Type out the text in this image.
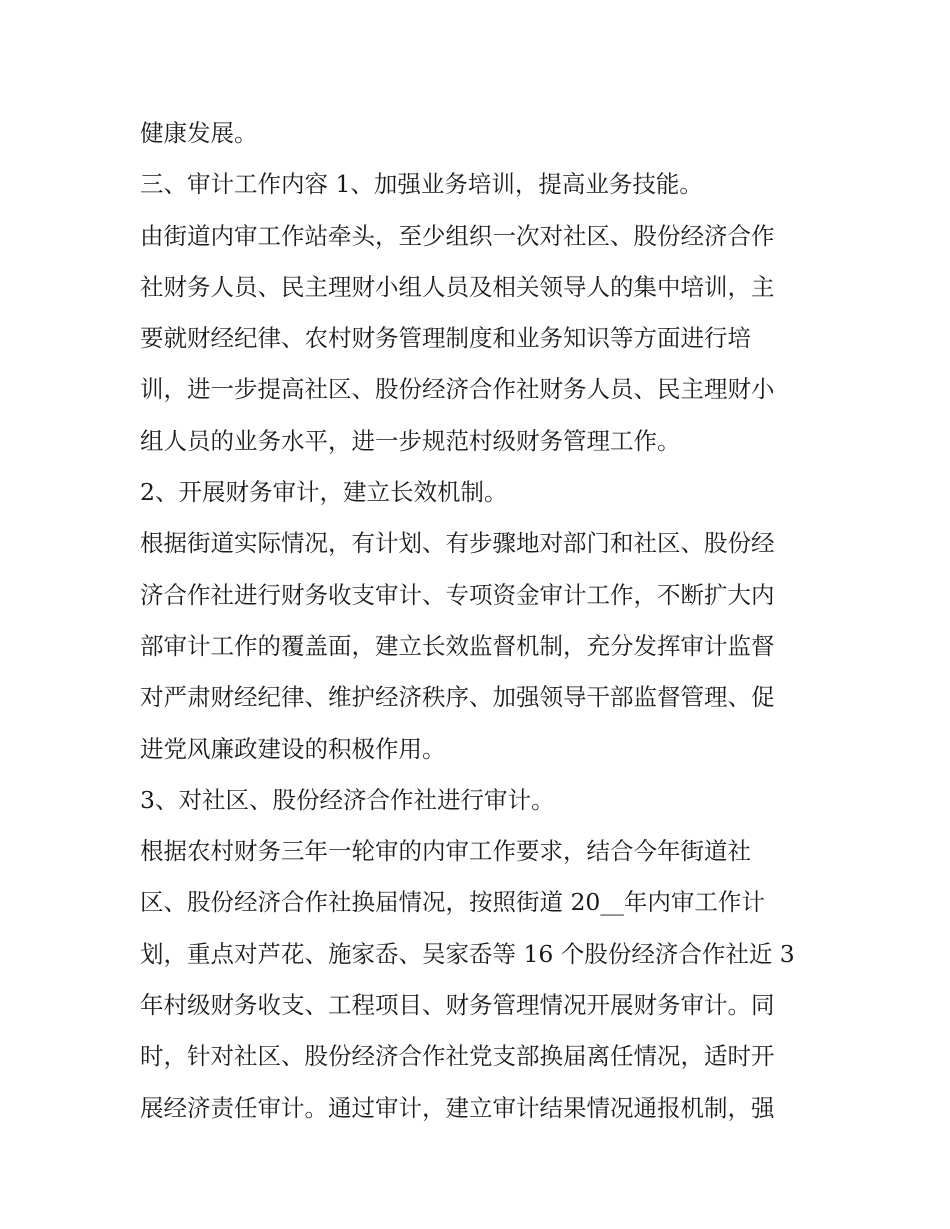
健康发展。
三、审计工作内容 1、加强业务培训，提高业务技能。
由街道内审工作站牵头，至少组织一次对社区、股份经济合作
社财务人员、民主理财小组人员及相关领导人的集中培训，主
要就财经纪律、农村财务管理制度和业务知识等方面进行培
训，进一步提高社区、股份经济合作社财务人员、民主理财小
组人员的业务水平，进一步规范村级财务管理工作。
2、开展财务审计，建立长效机制。
根据街道实际情况，有计划、有步骤地对部门和社区、股份经
济合作社进行财务收支审计、专项资金审计工作，不断扩大内
部审计工作的覆盖面，建立长效监督机制，充分发挥审计监督
对严肃财经纪律、维护经济秩序、加强领导干部监督管理、促
进党风廉政建设的积极作用。
3、对社区、股份经济合作社进行审计。
根据农村财务三年一轮审的内审工作要求，结合今年街道社
区、股份经济合作社换届情况，按照街道 20__年内审工作计
划，重点对芦花、施家岙、吴家岙等 16 个股份经济合作社近 3
年村级财务收支、工程项目、财务管理情况开展财务审计。同
时，针对社区、股份经济合作社党支部换届离任情况，适时开
展经济责任审计。通过审计，建立审计结果情况通报机制，强
